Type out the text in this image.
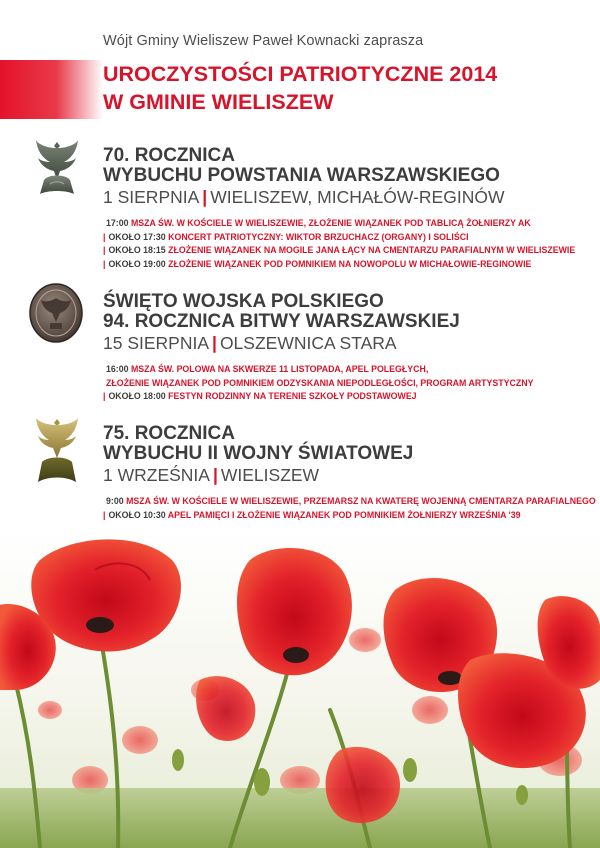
Wójt Gminy Wieliszew Paweł Kownacki zaprasza
UROCZYSTOŚCI PATRIOTYCZNE 2014
W GMINIE WIELISZEW
70. ROCZNICA
WYBUCHU POWSTANIA WARSZAWSKIEGO
1 SIERPNIA | WIELISZEW, MICHAŁÓW-REGINÓW
17:00 MSZA ŚW. W KOŚCIELE W WIELISZEWIE, ZŁOŻENIE WIĄZANEK POD TABLICĄ ŻOŁNIERZY AK
| OKOŁO 17:30 KONCERT PATRIOTYCZNY: WIKTOR BRZUCHACZ (ORGANY) I SOLIŚCI
| OKOŁO 18:15 ZŁOŻENIE WIĄZANEK NA MOGILE JANA ŁĄCY NA CMENTARZU PARAFIALNYM W WIELISZEWIE
| OKOŁO 19:00 ZŁOŻENIE WIĄZANEK POD POMNIKIEM NA NOWOPOLU W MICHAŁOWIE-REGINOWIE
ŚWIĘTO WOJSKA POLSKIEGO
94. ROCZNICA BITWY WARSZAWSKIEJ
15 SIERPNIA | OLSZEWNICA STARA
16:00 MSZA ŚW. POLOWA NA SKWERZE 11 LISTOPADA, APEL POLEGŁYCH,
ZŁOŻENIE WIĄZANEK POD POMNIKIEM ODZYSKANIA NIEPODLEGŁOŚCI, PROGRAM ARTYSTYCZNY
| OKOŁO 18:00 FESTYN RODZINNY NA TERENIE SZKOŁY PODSTAWOWEJ
75. ROCZNICA
WYBUCHU II WOJNY ŚWIATOWEJ
1 WRZEŚNIA | WIELISZEW
9:00 MSZA ŚW. W KOŚCIELE W WIELISZEWIE, PRZEMARSZ NA KWATERĘ WOJENNĄ CMENTARZA PARAFIALNEGO
| OKOŁO 10:30 APEL PAMIĘCI I ZŁOŻENIE WIĄZANEK POD POMNIKIEM ŻOŁNIERZY WRZEŚNIA '39
